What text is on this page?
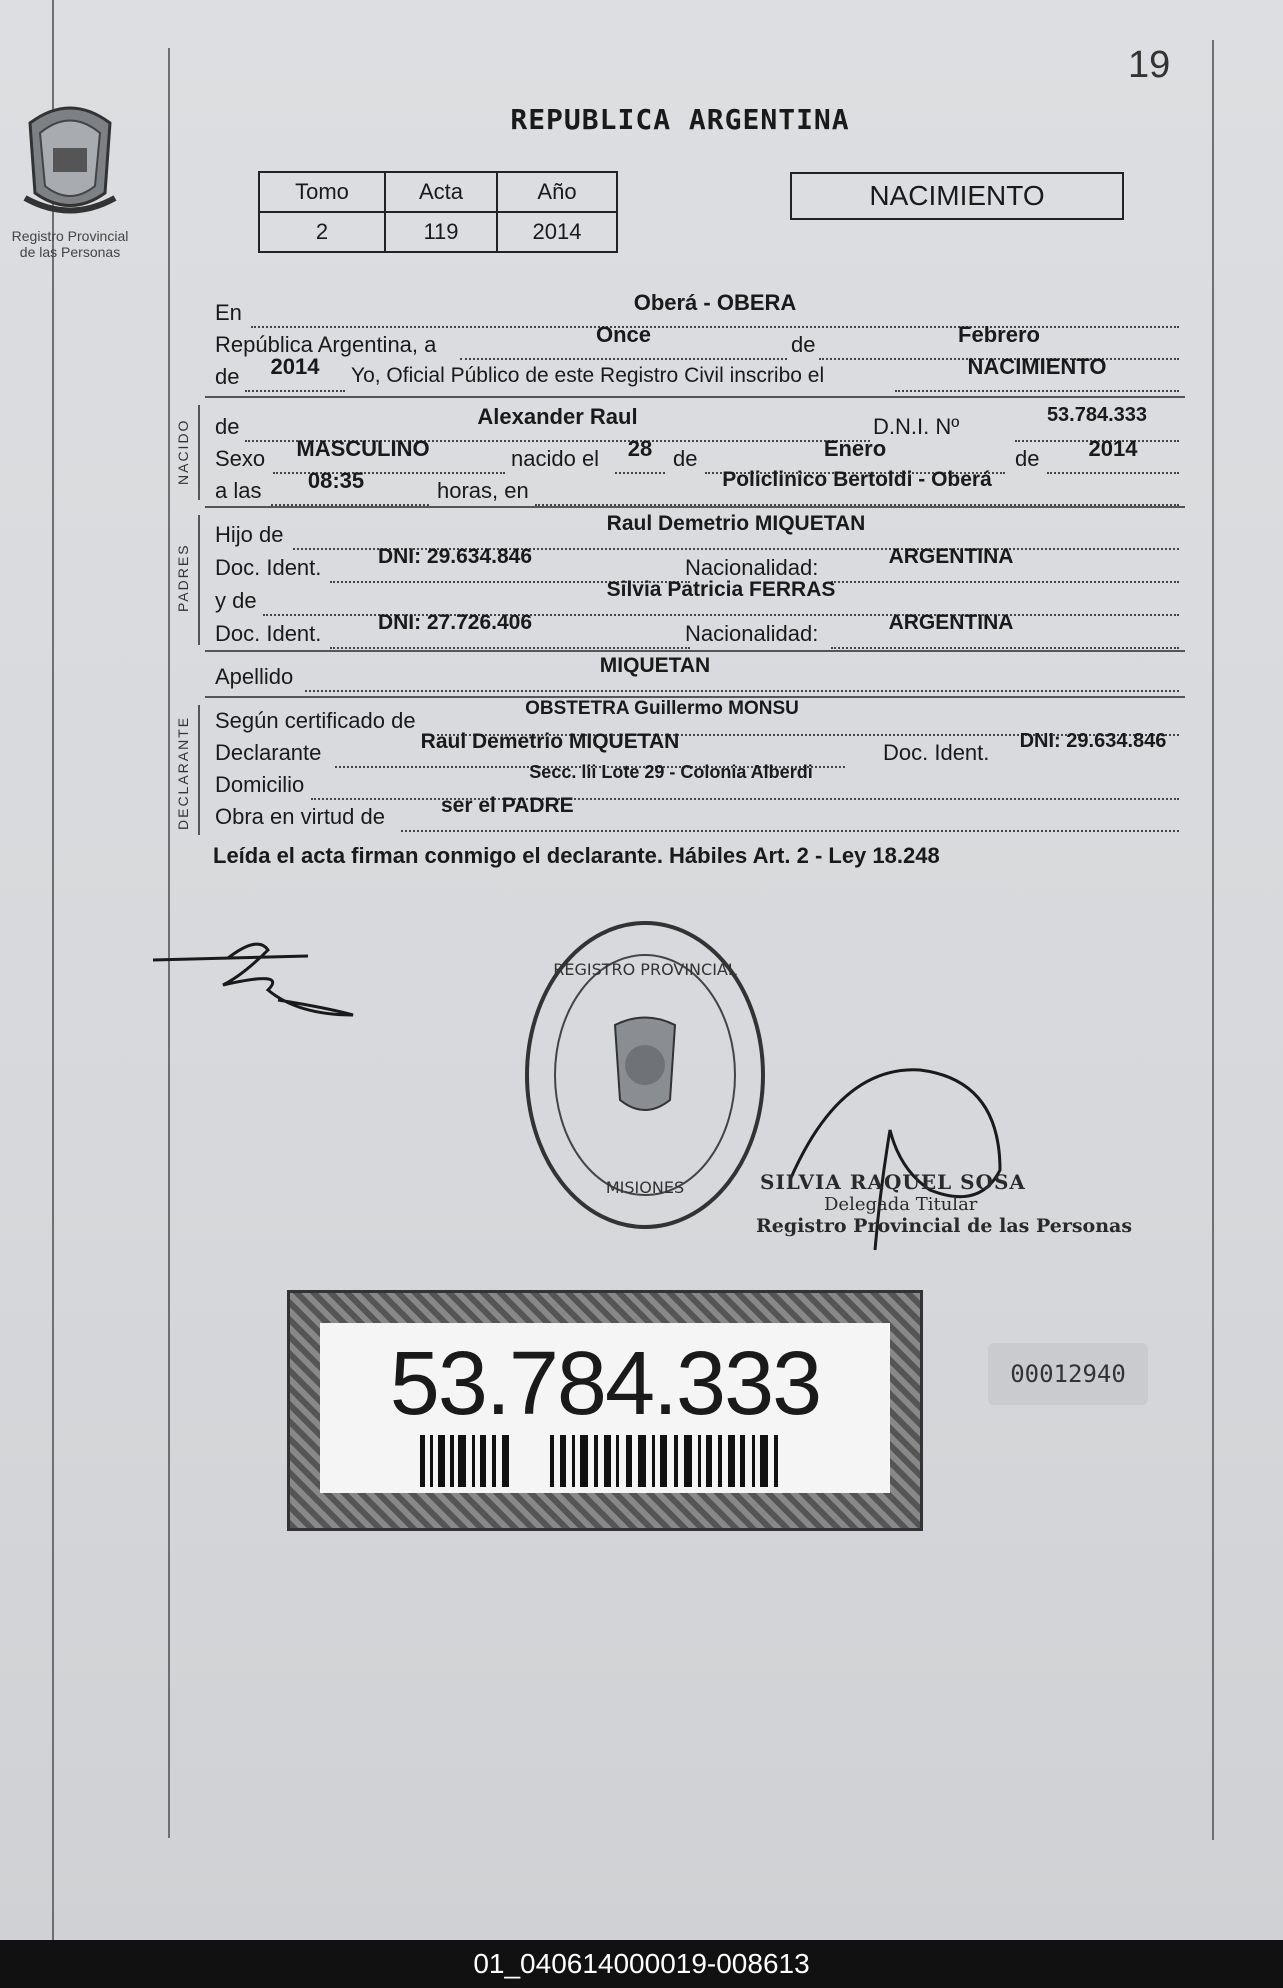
19
Registro Provincial
de las Personas
REPUBLICA ARGENTINA
Tomo	Acta	Año
2	119	2014
NACIMIENTO
En	Oberá - OBERA
República Argentina, a	Once	de	Febrero
de	2014	Yo, Oficial Público de este Registro Civil inscribo el	NACIMIENTO
NACIDO de	Alexander Raul	D.N.I. Nº	53.784.333
Sexo	MASCULINO	nacido el	28 de	Enero	de	2014
a las	08:35	horas, en	Policlinico Bertoldi - Oberá
PADRES
Hijo de	Raul Demetrio MIQUETAN
Doc. Ident.	DNI: 29.634.846	Nacionalidad:	ARGENTINA
y de	Silvia Patricia FERRAS
Doc. Ident.	DNI: 27.726.406	Nacionalidad:	ARGENTINA
Apellido	MIQUETAN
DECLARANTE Según certificado de	OBSTETRA Guillermo MONSU
Declarante	Raul Demetrio MIQUETAN	Doc. Ident.	DNI: 29.634.846
Domicilio	Secc. lii Lote 29 - Colonia Alberdi
Obra en virtud de	ser el PADRE
Leída el acta firman conmigo el declarante. Hábiles Art. 2 - Ley 18.248
REGISTRO PROVINCIAL
MISIONES	SILVIA RAQUEL SOSA
Delegada Titular
Registro Provincial de las Personas
53.784.333	00012940
01_040614000019-008613
